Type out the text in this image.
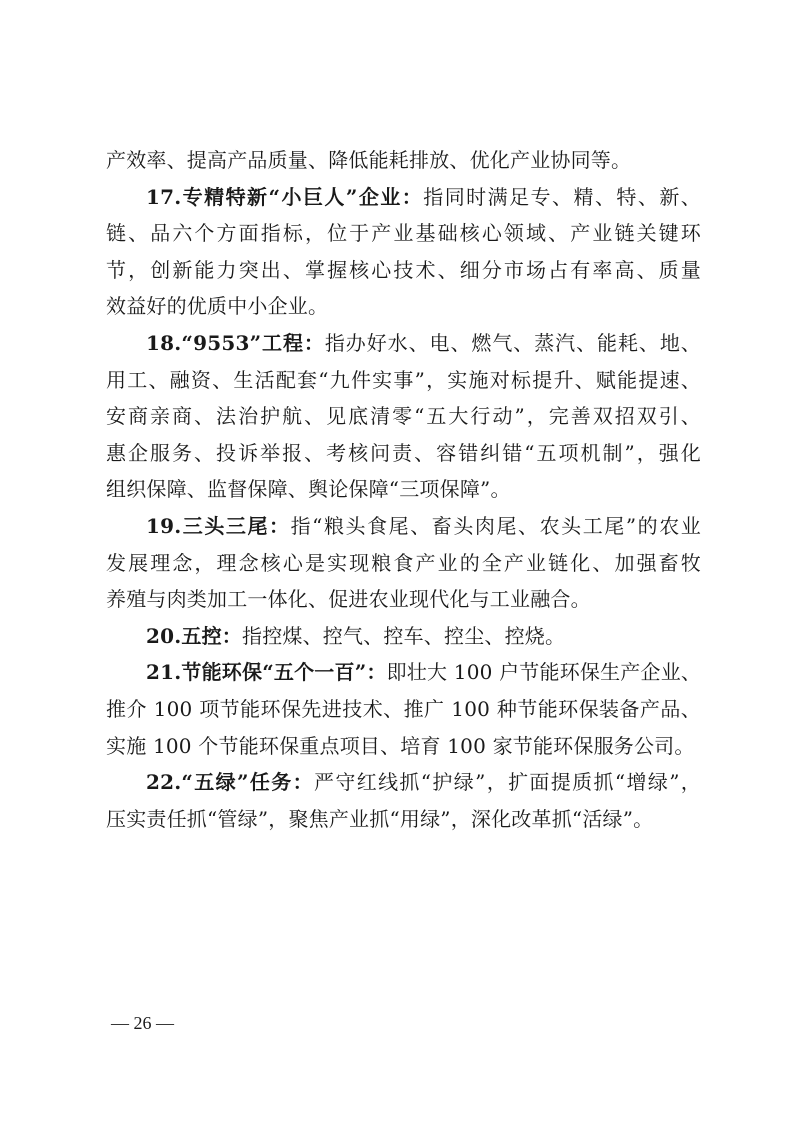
产效率、提高产品质量、降低能耗排放、优化产业协同等。
17.专精特新“小巨人”企业：指同时满足专、精、特、新、
链、品六个方面指标，位于产业基础核心领域、产业链关键环
节，创新能力突出、掌握核心技术、细分市场占有率高、质量
效益好的优质中小企业。
18.“9553”工程：指办好水、电、燃气、蒸汽、能耗、地、
用工、融资、生活配套“九件实事”，实施对标提升、赋能提速、
安商亲商、法治护航、见底清零“五大行动”，完善双招双引、
惠企服务、投诉举报、考核问责、容错纠错“五项机制”，强化
组织保障、监督保障、舆论保障“三项保障”。
19.三头三尾：指“粮头食尾、畜头肉尾、农头工尾”的农业
发展理念，理念核心是实现粮食产业的全产业链化、加强畜牧
养殖与肉类加工一体化、促进农业现代化与工业融合。
20.五控：指控煤、控气、控车、控尘、控烧。
21.节能环保“五个一百”：即壮大 100 户节能环保生产企业、
推介 100 项节能环保先进技术、推广 100 种节能环保装备产品、
实施 100 个节能环保重点项目、培育 100 家节能环保服务公司。
22.“五绿”任务：严守红线抓“护绿”，扩面提质抓“增绿”，
压实责任抓“管绿”，聚焦产业抓“用绿”，深化改革抓“活绿”。
— 26 —
